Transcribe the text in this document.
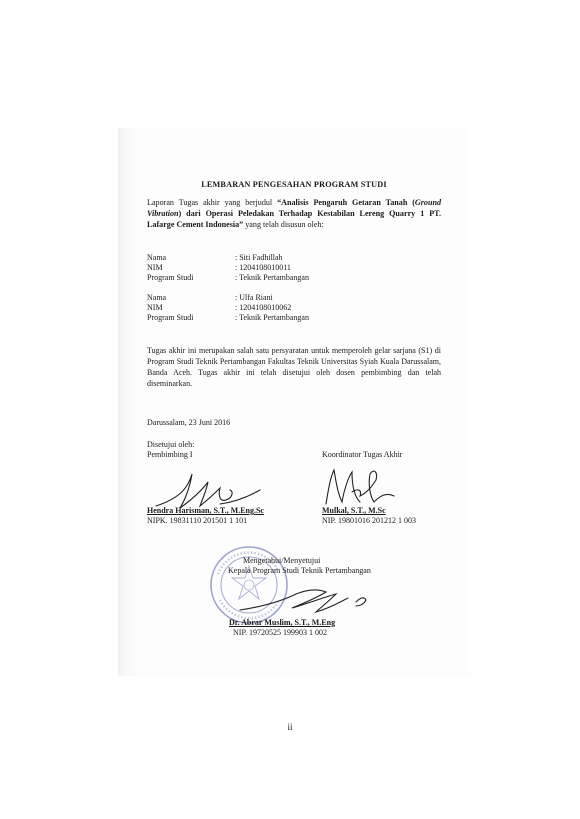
LEMBARAN PENGESAHAN PROGRAM STUDI
Laporan Tugas akhir yang berjudul “Analisis Pengaruh Getaran Tanah (Ground Vibration) dari Operasi Peledakan Terhadap Kestabilan Lereng Quarry 1 PT. Lafarge Cement Indonesia” yang telah disusun oleh:
Nama	: Siti Fadhillah
NIM	: 1204108010011
Program Studi	: Teknik Pertambangan
Nama	: Ulfa Riani
NIM	: 1204108010062
Program Studi	: Teknik Pertambangan
Tugas akhir ini merupakan salah satu persyaratan untuk memperoleh gelar sarjana (S1) di Program Studi Teknik Pertambangan Fakultas Teknik Universitas Syiah Kuala Darussalam, Banda Aceh. Tugas akhir ini telah disetujui oleh dosen pembimbing dan telah diseminarkan.
Darussalam, 23 Juni 2016
Disetujui oleh:
Pembimbing I	Koordinator Tugas Akhir
Hendra Harisman, S.T., M.Eng.Sc
NIPK. 19831110 201501 1 101
Mulkal, S.T., M.Sc
NIP. 19801016 201212 1 003
Mengetahui/Menyetujui
Kepala Program Studi Teknik Pertambangan
Dr. Abrar Muslim, S.T., M.Eng
NIP. 19720525 199903 1 002
ii
